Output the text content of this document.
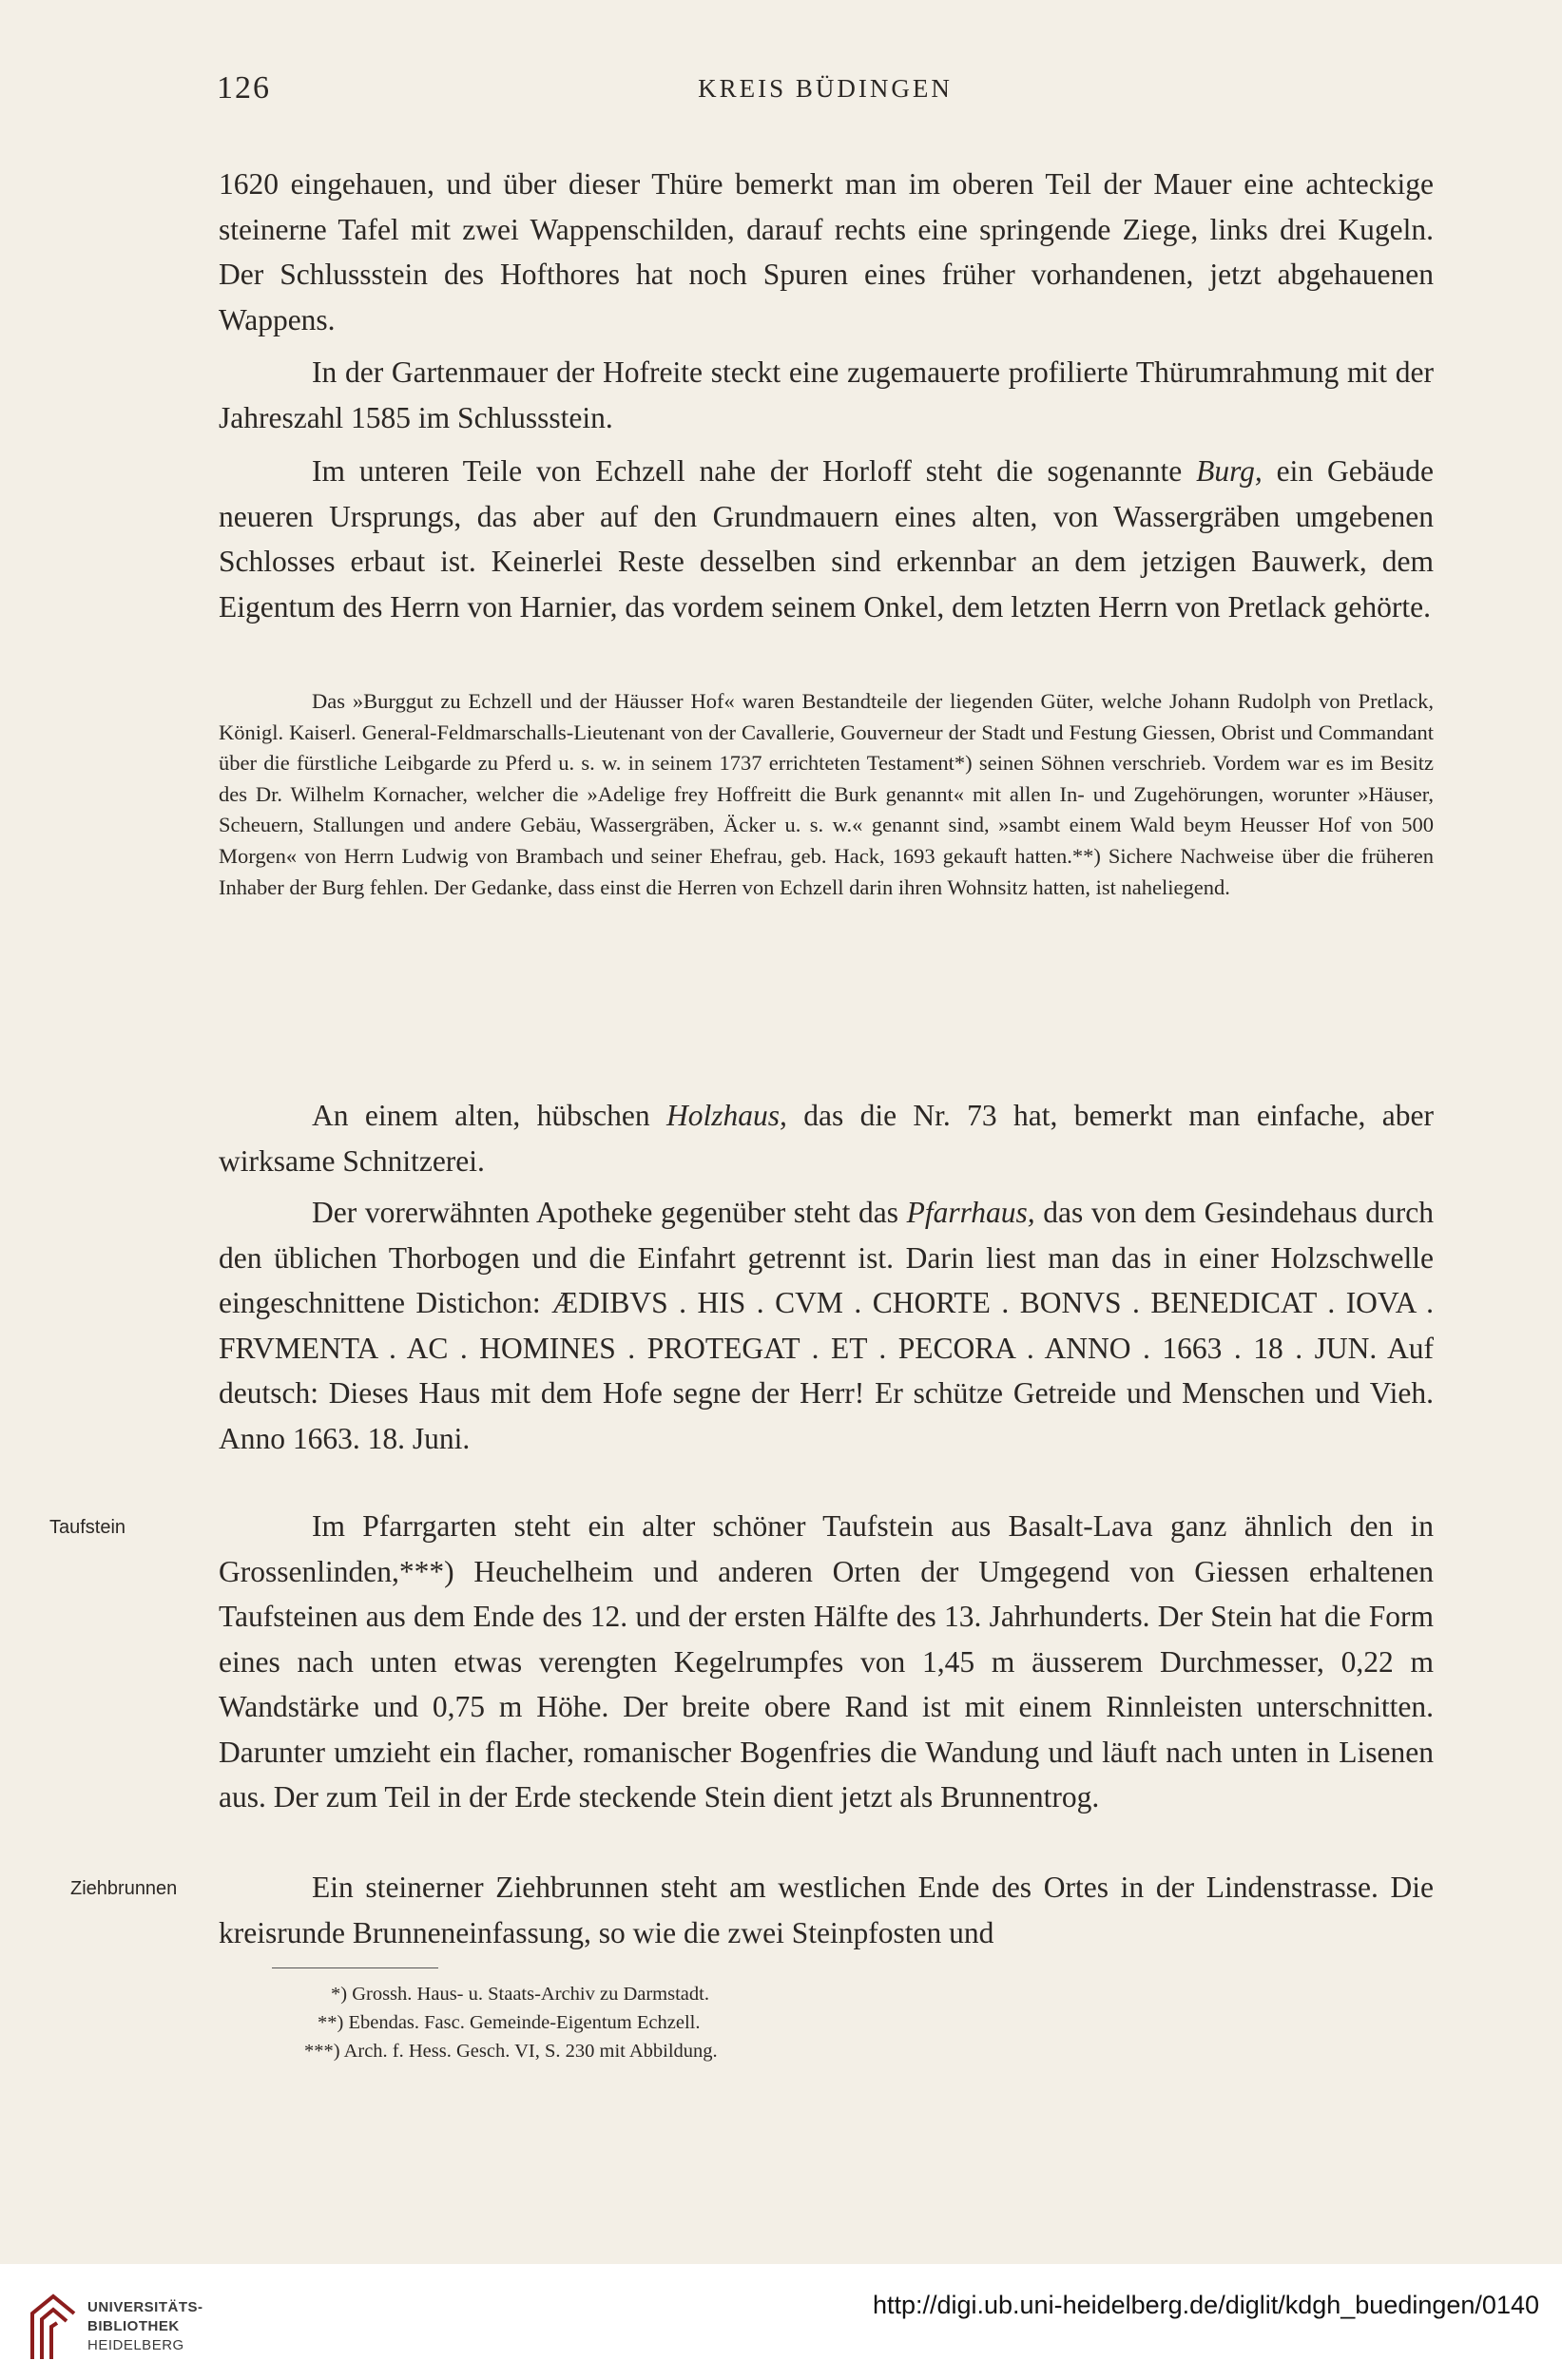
126	KREIS BÜDINGEN

1620 eingehauen, und über dieser Thüre bemerkt man im oberen Teil der Mauer eine achteckige steinerne Tafel mit zwei Wappenschilden, darauf rechts eine springende Ziege, links drei Kugeln. Der Schlussstein des Hofthores hat noch Spuren eines früher vorhandenen, jetzt abgehauenen Wappens.

In der Gartenmauer der Hofreite steckt eine zugemauerte profilierte Thürumrahmung mit der Jahreszahl 1585 im Schlussstein.

Im unteren Teile von Echzell nahe der Horloff steht die sogenannte Burg, ein Gebäude neueren Ursprungs, das aber auf den Grundmauern eines alten, von Wassergräben umgebenen Schlosses erbaut ist. Keinerlei Reste desselben sind erkennbar an dem jetzigen Bauwerk, dem Eigentum des Herrn von Harnier, das vordem seinem Onkel, dem letzten Herrn von Pretlack gehörte.

Das »Burggut zu Echzell und der Häusser Hof« waren Bestandteile der liegenden Güter, welche Johann Rudolph von Pretlack, Königl. Kaiserl. General-Feldmarschalls-Lieutenant von der Cavallerie, Gouverneur der Stadt und Festung Giessen, Obrist und Commandant über die fürstliche Leibgarde zu Pferd u. s. w. in seinem 1737 errichteten Testament*) seinen Söhnen verschrieb. Vordem war es im Besitz des Dr. Wilhelm Kornacher, welcher die »Adelige frey Hoffreitt die Burk genannt« mit allen In- und Zugehörungen, worunter »Häuser, Scheuern, Stallungen und andere Gebäu, Wassergräben, Äcker u. s. w.« genannt sind, »sambt einem Wald beym Heusser Hof von 500 Morgen« von Herrn Ludwig von Brambach und seiner Ehefrau, geb. Hack, 1693 gekauft hatten.**) Sichere Nachweise über die früheren Inhaber der Burg fehlen. Der Gedanke, dass einst die Herren von Echzell darin ihren Wohnsitz hatten, ist naheliegend.

An einem alten, hübschen Holzhaus, das die Nr. 73 hat, bemerkt man einfache, aber wirksame Schnitzerei.

Der vorerwähnten Apotheke gegenüber steht das Pfarrhaus, das von dem Gesindehaus durch den üblichen Thorbogen und die Einfahrt getrennt ist. Darin liest man das in einer Holzschwelle eingeschnittene Distichon: ÆDIBVS . HIS . CVM . CHORTE . BONVS . BENEDICAT . IOVA . FRVMENTA . AC . HOMINES . PROTEGAT . ET . PECORA . ANNO . 1663 . 18 . JUN. Auf deutsch: Dieses Haus mit dem Hofe segne der Herr! Er schütze Getreide und Menschen und Vieh. Anno 1663. 18. Juni.

Taufstein	Im Pfarrgarten steht ein alter schöner Taufstein aus Basalt-Lava ganz ähnlich den in Grossenlinden,***) Heuchelheim und anderen Orten der Umgegend von Giessen erhaltenen Taufsteinen aus dem Ende des 12. und der ersten Hälfte des 13. Jahrhunderts. Der Stein hat die Form eines nach unten etwas verengten Kegelrumpfes von 1,45 m äusserem Durchmesser, 0,22 m Wandstärke und 0,75 m Höhe. Der breite obere Rand ist mit einem Rinnleisten unterschnitten. Darunter umzieht ein flacher, romanischer Bogenfries die Wandung und läuft nach unten in Lisenen aus. Der zum Teil in der Erde steckende Stein dient jetzt als Brunnentrog.

Ziehbrunnen	Ein steinerner Ziehbrunnen steht am westlichen Ende des Ortes in der Lindenstrasse. Die kreisrunde Brunneneinfassung, so wie die zwei Steinpfosten und

*) Grossh. Haus- u. Staats-Archiv zu Darmstadt.
**) Ebendas. Fasc. Gemeinde-Eigentum Echzell.
***) Arch. f. Hess. Gesch. VI, S. 230 mit Abbildung.
UNIVERSITÄTS-
BIBLIOTHEK
HEIDELBERG
http://digi.ub.uni-heidelberg.de/diglit/kdgh_buedingen/0140
